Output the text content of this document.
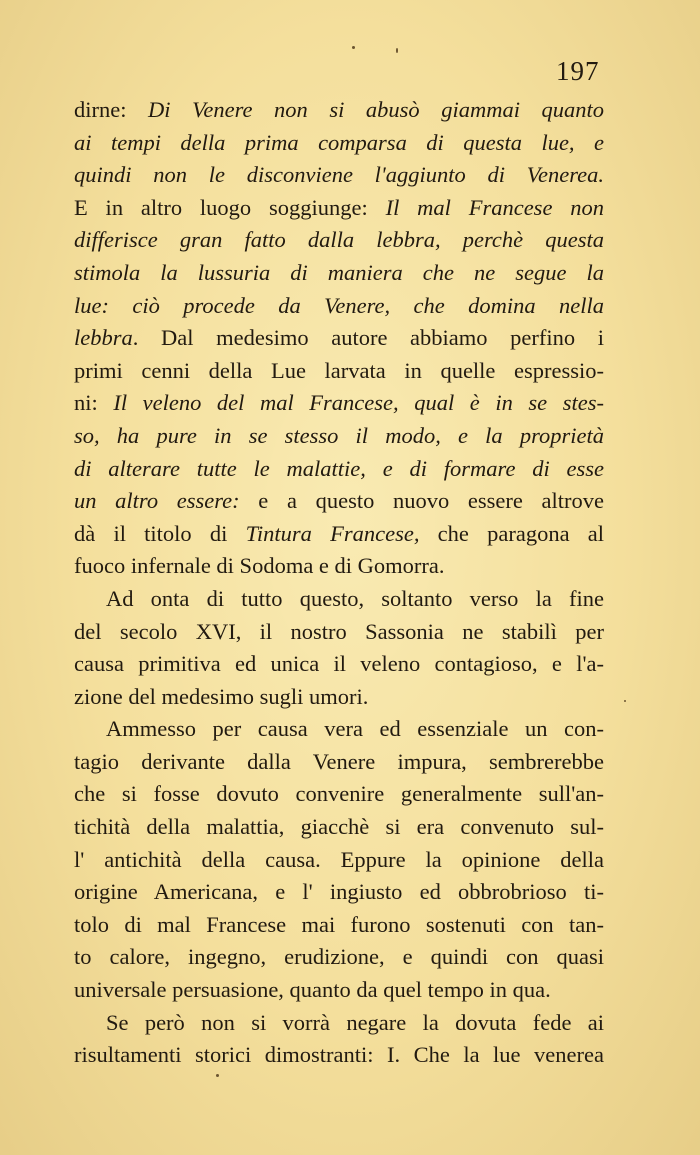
197
dirne: Di Venere non si abusò giammai quanto
ai tempi della prima comparsa di questa lue, e
quindi non le disconviene l'aggiunto di Venerea.
E in altro luogo soggiunge: Il mal Francese non
differisce gran fatto dalla lebbra, perchè questa
stimola la lussuria di maniera che ne segue la
lue: ciò procede da Venere, che domina nella
lebbra. Dal medesimo autore abbiamo perfino i
primi cenni della Lue larvata in quelle espressio-
ni: Il veleno del mal Francese, qual è in se stes-
so, ha pure in se stesso il modo, e la proprietà
di alterare tutte le malattie, e di formare di esse
un altro essere: e a questo nuovo essere altrove
dà il titolo di Tintura Francese, che paragona al
fuoco infernale di Sodoma e di Gomorra.
Ad onta di tutto questo, soltanto verso la fine
del secolo XVI, il nostro Sassonia ne stabilì per
causa primitiva ed unica il veleno contagioso, e l'a-
zione del medesimo sugli umori.
Ammesso per causa vera ed essenziale un con-
tagio derivante dalla Venere impura, sembrerebbe
che si fosse dovuto convenire generalmente sull'an-
tichità della malattia, giacchè si era convenuto sul-
l' antichità della causa. Eppure la opinione della
origine Americana, e l' ingiusto ed obbrobrioso ti-
tolo di mal Francese mai furono sostenuti con tan-
to calore, ingegno, erudizione, e quindi con quasi
universale persuasione, quanto da quel tempo in qua.
Se però non si vorrà negare la dovuta fede ai
risultamenti storici dimostranti: I. Che la lue venerea
